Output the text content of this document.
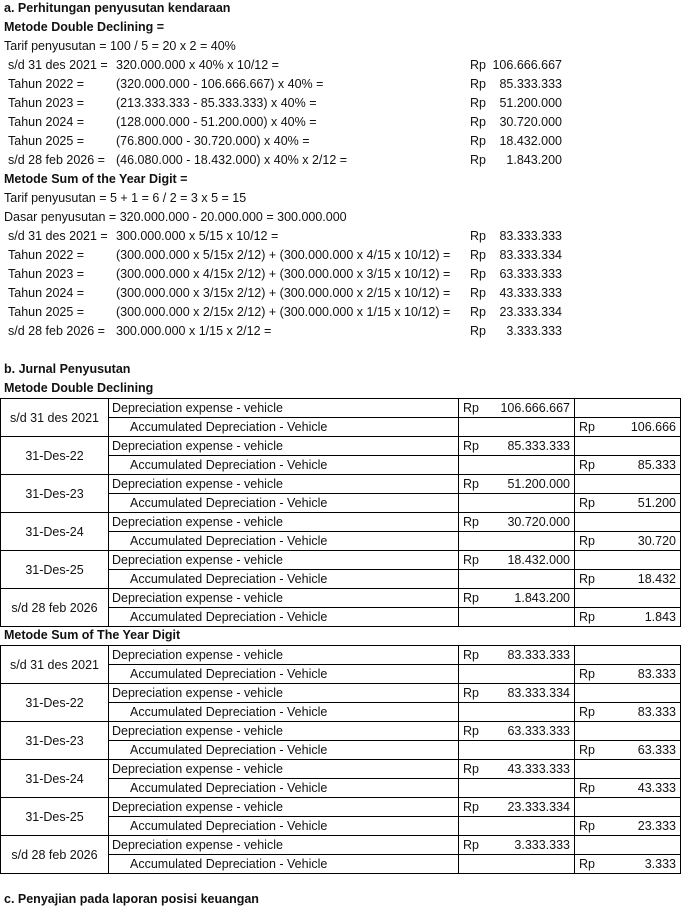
a. Perhitungan penyusutan kendaraan
Metode Double Declining =
Tarif penyusutan = 100 / 5 = 20 x 2 = 40%
s/d 31 des 2021 = 320.000.000 x 40% x 10/12 =	Rp 106.666.667
Tahun 2022 =	(320.000.000 - 106.666.667) x 40% =	Rp 85.333.333
Tahun 2023 =	(213.333.333 - 85.333.333) x 40% =	Rp 51.200.000
Tahun 2024 =	(128.000.000 - 51.200.000) x 40% =	Rp 30.720.000
Tahun 2025 =	(76.800.000 - 30.720.000) x 40% =	Rp 18.432.000
s/d 28 feb 2026 = (46.080.000 - 18.432.000) x 40% x 2/12 =	Rp 1.843.200
Metode Sum of the Year Digit =
Tarif penyusutan = 5 + 1 = 6 / 2 = 3 x 5 = 15
Dasar penyusutan = 320.000.000 - 20.000.000 = 300.000.000
s/d 31 des 2021 = 300.000.000 x 5/15 x 10/12 =	Rp 83.333.333
Tahun 2022 =	(300.000.000 x 5/15x 2/12) + (300.000.000 x 4/15 x 10/12) = Rp 83.333.334
Tahun 2023 =	(300.000.000 x 4/15x 2/12) + (300.000.000 x 3/15 x 10/12) = Rp 63.333.333
Tahun 2024 =	(300.000.000 x 3/15x 2/12) + (300.000.000 x 2/15 x 10/12) = Rp 43.333.333
Tahun 2025 =	(300.000.000 x 2/15x 2/12) + (300.000.000 x 1/15 x 10/12) = Rp 23.333.334
s/d 28 feb 2026 = 300.000.000 x 1/15 x 2/12 =	Rp 3.333.333
b. Jurnal Penyusutan
Metode Double Declining
s/d 31 des 2021	Depreciation expense - vehicle	Rp	106.666.667		
	Accumulated Depreciation - Vehicle			Rp	106.666
31-Des-22	Depreciation expense - vehicle	Rp	85.333.333		
	Accumulated Depreciation - Vehicle			Rp	85.333
31-Des-23	Depreciation expense - vehicle	Rp	51.200.000		
	Accumulated Depreciation - Vehicle			Rp	51.200
31-Des-24	Depreciation expense - vehicle	Rp	30.720.000		
	Accumulated Depreciation - Vehicle			Rp	30.720
31-Des-25	Depreciation expense - vehicle	Rp	18.432.000		
	Accumulated Depreciation - Vehicle			Rp	18.432
s/d 28 feb 2026	Depreciation expense - vehicle	Rp	1.843.200		
	Accumulated Depreciation - Vehicle			Rp	1.843
Metode Sum of The Year Digit
s/d 31 des 2021	Depreciation expense - vehicle	Rp	83.333.333		
	Accumulated Depreciation - Vehicle			Rp	83.333
31-Des-22	Depreciation expense - vehicle	Rp	83.333.334		
	Accumulated Depreciation - Vehicle			Rp	83.333
31-Des-23	Depreciation expense - vehicle	Rp	63.333.333		
	Accumulated Depreciation - Vehicle			Rp	63.333
31-Des-24	Depreciation expense - vehicle	Rp	43.333.333		
	Accumulated Depreciation - Vehicle			Rp	43.333
31-Des-25	Depreciation expense - vehicle	Rp	23.333.334		
	Accumulated Depreciation - Vehicle			Rp	23.333
s/d 28 feb 2026	Depreciation expense - vehicle	Rp	3.333.333		
	Accumulated Depreciation - Vehicle			Rp	3.333
c. Penyajian pada laporan posisi keuangan
